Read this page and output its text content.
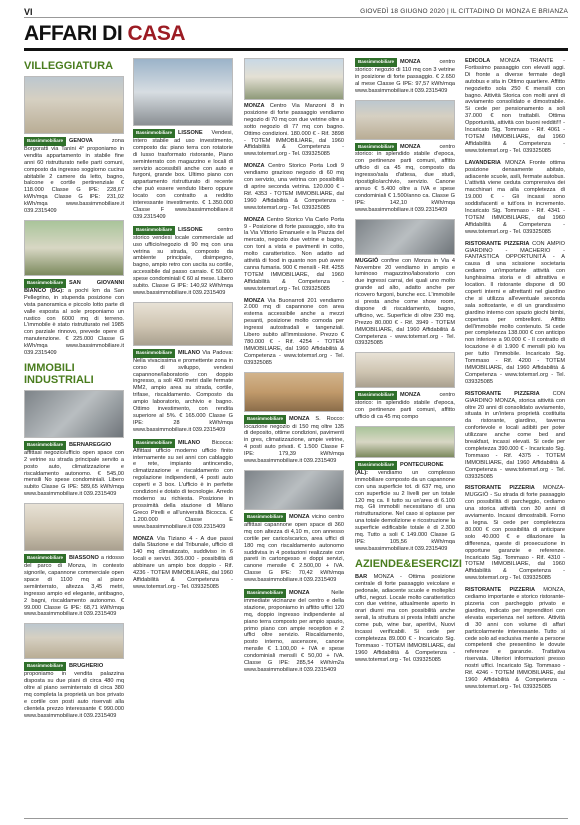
VI	GIOVEDÌ 18 GIUGNO 2020 | IL CITTADINO DI MONZA E BRIANZA
AFFARI DI CASA
VILLEGGIATURA
Bassimmobiliare GENOVA	zona Borgoratti via Tanini 4° proponiamo in vendita appartamento in stabile fine anni 60 ristrutturato nelle parti comuni, composto da ingresso soggiorno cucina abitabile 2 camere da letto, bagno, balcone e cortile pertinenziale € 118.000 Classe G IPE: 228,67 kWh/mqa Classe G IPE: 231,02 kWh/mqa www.bassimmobiliare.it 039.2315409
Bassimmobiliare SAN GIOVANNI BIANCO (BG): a pochi km da San Pellegrino, in stupenda posizione con vista panoramica e piccolo lotto parte di valle esposta al sole proponiamo un rustico con 6000 mq di terreno. L'immobile è stato ristrutturato nel 1985 con parziale rinnovo, prevede opere di manutenzione. € 225.000 Classe G kWh/mqa www.bassimmobiliare.it 039.2315409
IMMOBILI INDUSTRIALI
Bassimmobiliare BERNAREGGIO affittasi negozio/ufficio open space con 2 vetrine su strada principale servito a posto auto, climatizzazione e riscaldamento autonomo. € 545,00 mensili No spese condominiali. Libero subito Classe G IPE: 589,65 kWh/mqa www.bassimmobiliare.it 039.2315409
Bassimmobiliare BIASSONO a ridosso del parco di Monza, in contesto signorile, capannone commerciale open space di 1100 mq al piano semiinterrato, altezza 3,45 metri, ingresso ampio ed elegante, antibagno, 2 bagni, riscaldamento autonomo. € 99.000 Classe G IPE: 68,71 kWh/mqa www.bassimmobiliare.it 039.2315409
Bassimmobiliare BRUGHERIO proponiamo in vendita palazzina disposta su due piani di circa 480 mq oltre al piano seminterrato di circa 380 mq completa la proprietà un box privato e cortile con posti auto riservati alla clientela prezzo interessante € 990.000 www.bassimmobiliare.it 039.2315409
Bassimmobiliare LISSONE Vendesi, intero stabile ad uso investimento, composto da: piano terra con rotatorie di lusso trasformato ristorante, Piano seminterrato con magazzino e locali di servizio accessibili anche con auto e furgoni, grande box. Ultimo piano con appartamento ristrutturato di recente che può essere venduto libero oppure locato con contratto a reddito interessante investimento. € 1.350.000 Classe F www.bassimmobiliare.it 039.2315409
Bassimmobiliare LISSONE	centro storico vendesi locale commerciale ad uso ufficio/negozio di 90 mq con una vetrina su strada, composto da ambiente principale, disimpegno, bagno, ampio retro con uscita su cortile, accessibile dal passo carraio. € 50.000 spese condominiali € 60 al mese. Libero subito. Classe G IPE: 140,92 kWh/mqa www.bassimmobiliare.it 039.2315409
Bassimmobiliare MILANO Via Padova: Nella vivacissima e promettente zona in corso di sviluppo, vendesi capannone/laboratorio con doppio ingresso, a soli 400 metri dalle fermate MM2, ampio area su strada, cortile, trifase, riscaldamento. Composto da ampio laboratorio, archivio e bagno. Ottimo investimento, con rendita superiore al 5%. € 165.000 Classe G IPE: 28 kWh/mqa www.bassimmobiliare.it 039.2315409
Bassimmobiliare MILANO Bicocca: Affittasi ufficio moderno ufficio finito internamente su sei anni con cablaggio e rete, impianto antincendio, climatizzazione e riscaldamento con regolazione indipendenti, 4 posti auto coperti e 3 box. L'ufficio è in perfette condizioni e dotato di tecnologie. Arredo moderno su richiesta. Posizione in prossimità della stazione di Milano Greco Pirelli e all'università Bicocca. € 1.200.000 Classe E www.bassimmobiliare.it 039.2315409
MONZA Via Tiziano 4 - A due passi dalla Stazione e dal Tribunale, ufficio di 140 mq climatizzato, suddiviso in 6 locali e servizi. 365.000 - possibilità di abbinare un ampio box doppio - Rif. 4236 - TOTEM IMMOBILIARE, dal 1960 Affidabilità & Competenza - www.totemsrl.org - Tel. 039325085
MONZA Centro Via Manzoni 8 in posizione di forte passaggio vendiamo negozio di 70 mq con due vetrine oltre a sotto negozio di 77 mq con bagno. Ottimo condizioni. 180.000 € - Rif. 3898 - TOTEM IMMOBILIARE, dal 1960 Affidabilità & Competenza - www.totemsrl.org - Tel. 039325085
MONZA Centro Storico Porta Lodi 9 vendiamo grazioso negozio di 60 mq con servizio, una vetrina con possibilità di aprire seconda vetrina. 120.000 € - Rif. 4353 - TOTEM IMMOBILIARE, dal 1960 Affidabilità & Competenza - www.totemsrl.org - Tel. 039325085
MONZA Centro Storico Via Carlo Porta 9 - Posizione di forte passaggio, sito tra la Via Vittorio Emanuele e la Piazza del mercato, negozio due vetrine e bagno, con toni a vista e pavimenti in cotto, molto caratteristico. Non adatto ad attività di food in quanto non può avere canna fumaria. 900 € mensili - Rif. 4255 TOTEM IMMOBILIARE, dal 1960 Affidabilità & Competenza - www.totemsrl.org - Tel. 039325085
MONZA Via Buonarroti 201 vendiamo 2.000 mq di capannone con area esterna accessibile anche a mezzi pesanti, posizione molto comoda per ingressi autostradali e tangenziali. Libero subito all'immissione. Prezzo € 780.000 € - Rif. 4254 - TOTEM IMMOBILIARE, dal 1960 Affidabilità & Competenza - www.totemsrl.org - Tel. 039325085
Bassimmobiliare MONZA S. Rocco: locazione negozio di 150 mq oltre 135 di deposito, ottime condizioni, pavimenti in gres, climatizzazione, ampie vetrine, 4 posti auto privati. € 1.500 Classe F IPE: 179,39 kWh/mqa www.bassimmobiliare.it 039.2315409
Bassimmobiliare MONZA vicino centro affittasi capannone open space di 360 mq con altezza di 4,10 m, con annesso cortile per carico/scarico, area uffici di 180 mq con riscaldamento autonomo suddivisa in 4 postazioni realizzate con pareti in cartongesso e doppi servizi, canone mensile € 2.500,00 + IVA. Classe G IPE: 70,42 kWh/mqa www.bassimmobiliare.it 039.2315409
Bassimmobiliare MONZA	Nelle immediate vicinanze del centro e della stazione, proponiamo in affitto uffici 120 mq, doppio ingresso indipendente al piano terra composto per ampio spazio, primo piano con ampie reception e 2 uffici oltre servizio. Riscaldamento, posto interno, ascensore, canone mensile € 1.100,00 + IVA e spese condominiali mensili € 50,00 + IVA. Classe G IPE: 285,54 kWh/m2a www.bassimmobiliare.it 039.2315409
Bassimmobiliare MONZA	centro storico: negozio di 110 mq con 3 vetrine in posizione di forte passaggio. € 2.650 al mese Classe G IPE: 97,57 kWh/mqa www.bassimmobiliare.it 039.2315409
Bassimmobiliare MONZA	centro storico: in splendido stabile d'epoca, con pertinenze parti comuni, affitto ufficio di ca 45 mq, composto da ingresso/sala d'attesa, due studi, ripostiglio/archivio, servizio. Canone annuo € 5.400 oltre a IVA e spese condominiali € 1.500/anno ca. Classe G IPE: 142,10 kWh/mqa www.bassimmobiliare.it 039.2315409
MUGGIÒ confine con Monza in Via 4 Novembre 20 vendiamo in ampio e luminoso magazzino/laboratorio con due ingressi carrai, dei quali uno molto grande ad alto, adatto anche per ricovero furgoni, bunche ecc. L'immobile si presta anche come show room, dispone di riscaldamento, bagno, ufficino, wc. Superficie di oltre 230 mq. Prezzo 80.000 € - Rif. 3949 - TOTEM IMMOBILIARE, dal 1960 Affidabilità & Competenza - www.totemsrl.org - Tel. 039325085
Bassimmobiliare MONZA	centro storico: in splendido stabile d'epoca, con pertinenze parti comuni, affitto ufficio di ca 45 mq compo
Bassimmobiliare PONTECURONE (AL): vendiamo un complesso immobiliare composto da un capannone con una superficie tot. di 637 mq, uno con superficie su 2 livelli per un totale 120 mq ca. Il tutto su un'area di 6.100 mq. Gli immobili necessitano di una ristrutturazione. Nel caso si optasse per una totale demolizione e ricostruzione la superficie edificabile totale è di 2.300 mq. Tutto a soli € 149.000 Classe G IPE: 105,56 kWh/mqa www.bassimmobiliare.it 039.2315409
AZIENDE&ESERCIZI
BAR MONZA - Ottima posizione centrale di forte passaggio veicolare e pedonale, adiacente scuole e molteplici uffici, negozi. Locale molto caratteristico con due vetrine, attualmente aperto in orari diurni ma con possibilità anche serali, la struttura si presta infatti anche come pub, wine bar, aperitivi, Nuovi incassi verificabili. Si cede per completezza 89.000 € - Incaricato Sig. Tommaso - TOTEM IMMOBILIARE, dal 1960 Affidabilità & Competenza - www.totemsrl.org - Tel. 039325085
EDICOLA MONZA TRIANTE - Fortissimo passaggio con elevati aggi. Di fronte a diverse fermate degli autobus e sita in Ottimo quartiere. Affitto negozietto sola 250 € mensili con bagno. Attività Storica con molti anni di avviamento consolidato e dimostrabile. Si cede per pensionamento a soli 37.000 € non trattabili. Ottima Opportunità, attività con buoni redditi!!! - Incaricato Sig. Tommaso - Rif. 4061 - TOTEM IMMOBILIARE, dal 1960 Affidabilità & Competenza - www.totemsrl.org - Tel. 039325085
LAVANDERIA MONZA Fronte ottima posizione densamente abitato, adiacente scuole, asili, fermate autobus. L'attività viene ceduta comprensiva dei macchinari ma alla completezza di 19.000 € - Gli incassi sono soddisfacenti e tutt'ora in incremento. Incaricato Sig. Tommaso - Rif. 4341 - TOTEM IMMOBILIARE, dal 1960 Affidabilità & Competenza - www.totemsrl.org - Tel. 039325085
RISTORANTE PIZZERIA CON AMPIO GIARDINO - MACHERIO - FANTASTICA OPPORTUNITÀ - A causa di una scissione societaria cediamo un'importante attività con lunghissima storia e di attrattiva e location. Il ristorante dispone di 90 coperti interni e altrettanti nel giardino che si utilizza all'eventuale seconda sala sottostante, e di un grandissimo giardino interno con spazio giochi bimbi, copertura per ombrelloni. Affitto dell'immobile molto contenuto. Si cede per completezza 138.000 € con anticipo non inferiore a 90.000 € - Il contratto di locazione è di 1.900 € mensili più iva per tutto l'immobile. Incaricato Sig. Tommaso - Rif. 4200 - TOTEM IMMOBILIARE, dal 1960 Affidabilità & Competenza - www.totemsrl.org - Tel. 039325085
RISTORANTE PIZZERIA CON GIARDINO MONZA, storica attività con oltre 20 anni di consolidato avviamento, situata in un'intera proprietà costituita da ristorante, giardino, taverna confortevole e locali adibiti per poter utilizzare anche come bed and breakfast, incassi elevati. Si cede per completezza 390.000 € - Incaricato Sig. Tommaso - Rif. 4375 - TOTEM IMMOBILIARE, dal 1960 Affidabilità & Competenza - www.totemsrl.org - Tel. 039325085
RISTORANTE PIZZERIA MONZA-MUGGIÒ - Su strada di forte passaggio con possibilità di parcheggio, cediamo una storica attività con 30 anni di avviamento. Incassi dimostrabili. Forno a legna. Si cede per completezza 80.000 € con possibilità di anticipare solo 40.000 € e dilazionare la differenza, queste di prosecuzione in opportune garanzie e referenze. Incaricato Sig. Tommaso - Rif. 4310 - TOTEM IMMOBILIARE, dal 1960 Affidabilità & Competenza - www.totemsrl.org - Tel. 039325085
RISTORANTE PIZZERIA MONZA, cediamo importante e storico ristorante-pizzeria con parcheggio privato e giardino, indicato per imprenditori con elevata esperienza nel settore. Attività di 30 anni con volume di affari particolarmente interessante. Tutto si cede solo ad esclusiva mente a persone competenti che presentino le dovute referenze e garanzie. Trattativa riservata. Ulteriori informazioni presso nostri uffici. Incaricato Sig. Tommaso - Rif. 4246 - TOTEM IMMOBILIARE, dal 1960 Affidabilità & Competenza - www.totemsrl.org - Tel. 039325085
